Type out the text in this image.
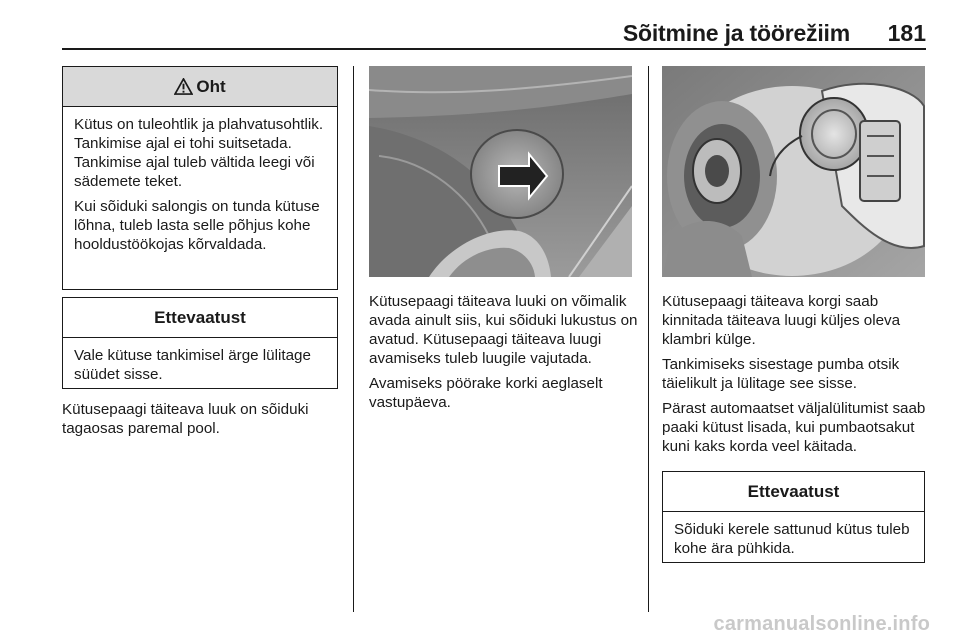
Sõitmine ja töörežiim	181
Oht

Kütus on tuleohtlik ja plahvatusohtlik. Tankimise ajal ei tohi suitsetada. Tankimise ajal tuleb vältida leegi või sädemete teket.

Kui sõiduki salongis on tunda kütuse lõhna, tuleb lasta selle põhjus kohe hooldustöökojas kõrvaldada.

Ettevaatust

Vale kütuse tankimisel ärge lülitage süüdet sisse.

Kütusepaagi täiteava luuk on sõiduki tagaosas paremal pool.

Kütusepaagi täiteava luuki on võimalik avada ainult siis, kui sõiduki lukustus on avatud. Kütusepaagi täiteava luugi avamiseks tuleb luugile vajutada.

Avamiseks pöörake korki aeglaselt vastupäeva.

Kütusepaagi täiteava korgi saab kinnitada täiteava luugi küljes oleva klambri külge.

Tankimiseks sisestage pumba otsik täielikult ja lülitage see sisse.

Pärast automaatset väljalülitumist saab paaki kütust lisada, kui pumbaotsakut kuni kaks korda veel käitada.

Ettevaatust

Sõiduki kerele sattunud kütus tuleb kohe ära pühkida.

carmanualsonline.info
